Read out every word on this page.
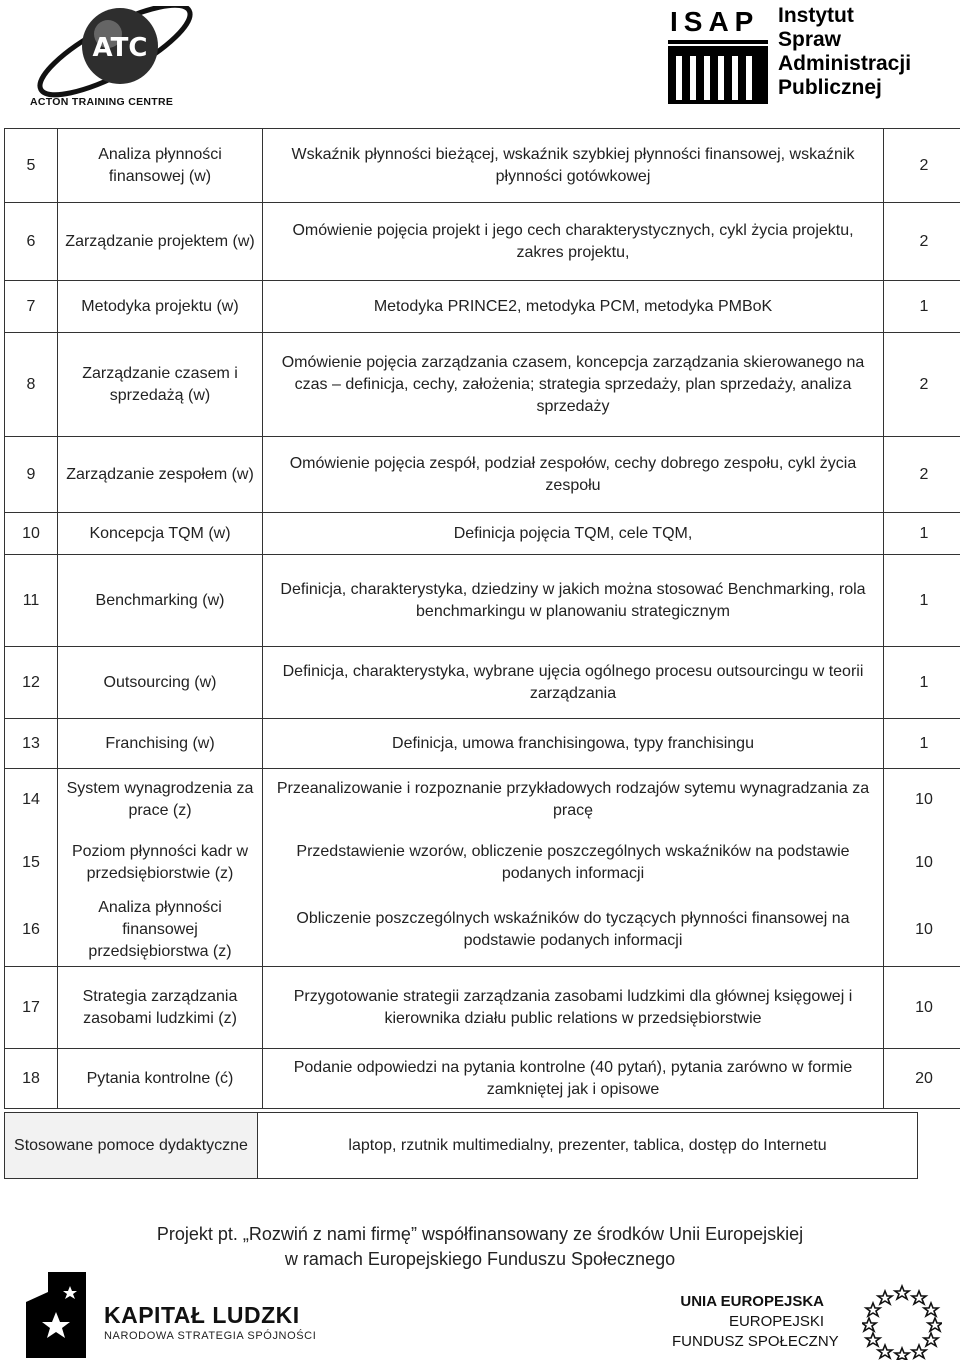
ATC
ACTON TRAINING CENTRE
ISAP Instytut
Spraw
Administracji
Publicznej
5	Analiza płynności finansowej (w)	Wskaźnik płynności bieżącej, wskaźnik szybkiej płynności finansowej, wskaźnik płynności gotówkowej	2
6	Zarządzanie projektem (w)	Omówienie pojęcia projekt i jego cech charakterystycznych, cykl życia projektu, zakres projektu,	2
7	Metodyka projektu (w)	Metodyka PRINCE2, metodyka PCM, metodyka PMBoK	1
8	Zarządzanie czasem i sprzedażą (w)	Omówienie pojęcia zarządzania czasem, koncepcja zarządzania skierowanego na czas – definicja, cechy, założenia; strategia sprzedaży, plan sprzedaży, analiza sprzedaży	2
9	Zarządzanie zespołem (w)	Omówienie pojęcia zespół, podział zespołów, cechy dobrego zespołu, cykl życia zespołu	2
10	Koncepcja TQM (w)	Definicja pojęcia TQM, cele TQM,	1
11	Benchmarking (w)	Definicja, charakterystyka, dziedziny w jakich można stosować Benchmarking, rola benchmarkingu w planowaniu strategicznym	1
12	Outsourcing (w)	Definicja, charakterystyka, wybrane ujęcia ogólnego procesu outsourcingu w teorii zarządzania	1
13	Franchising (w)	Definicja, umowa franchisingowa, typy franchisingu	1
14	System wynagrodzenia za prace (z)	Przeanalizowanie i rozpoznanie przykładowych rodzajów sytemu wynagradzania za pracę	10
15	Poziom płynności kadr w przedsiębiorstwie (z)	Przedstawienie wzorów, obliczenie poszczególnych wskaźników na podstawie podanych informacji	10
16	Analiza płynności finansowej przedsiębiorstwa (z)	Obliczenie poszczególnych wskaźników do tyczących płynności finansowej na podstawie podanych informacji	10
17	Strategia zarządzania zasobami ludzkimi (z)	Przygotowanie strategii zarządzania zasobami ludzkimi dla głównej księgowej i kierownika działu public relations w przedsiębiorstwie	10
18	Pytania kontrolne (ć)	Podanie odpowiedzi na pytania kontrolne (40 pytań), pytania zarówno w formie zamkniętej jak i opisowe	20
Stosowane pomoce dydaktyczne	laptop, rzutnik multimedialny, prezenter, tablica, dostęp do Internetu
Projekt pt. „Rozwiń z nami firmę” współfinansowany ze środków Unii Europejskiej
w ramach Europejskiego Funduszu Społecznego
KAPITAŁ LUDZKI
NARODOWA STRATEGIA SPÓJNOŚCI
UNIA EUROPEJSKA
EUROPEJSKI
FUNDUSZ SPOŁECZNY
